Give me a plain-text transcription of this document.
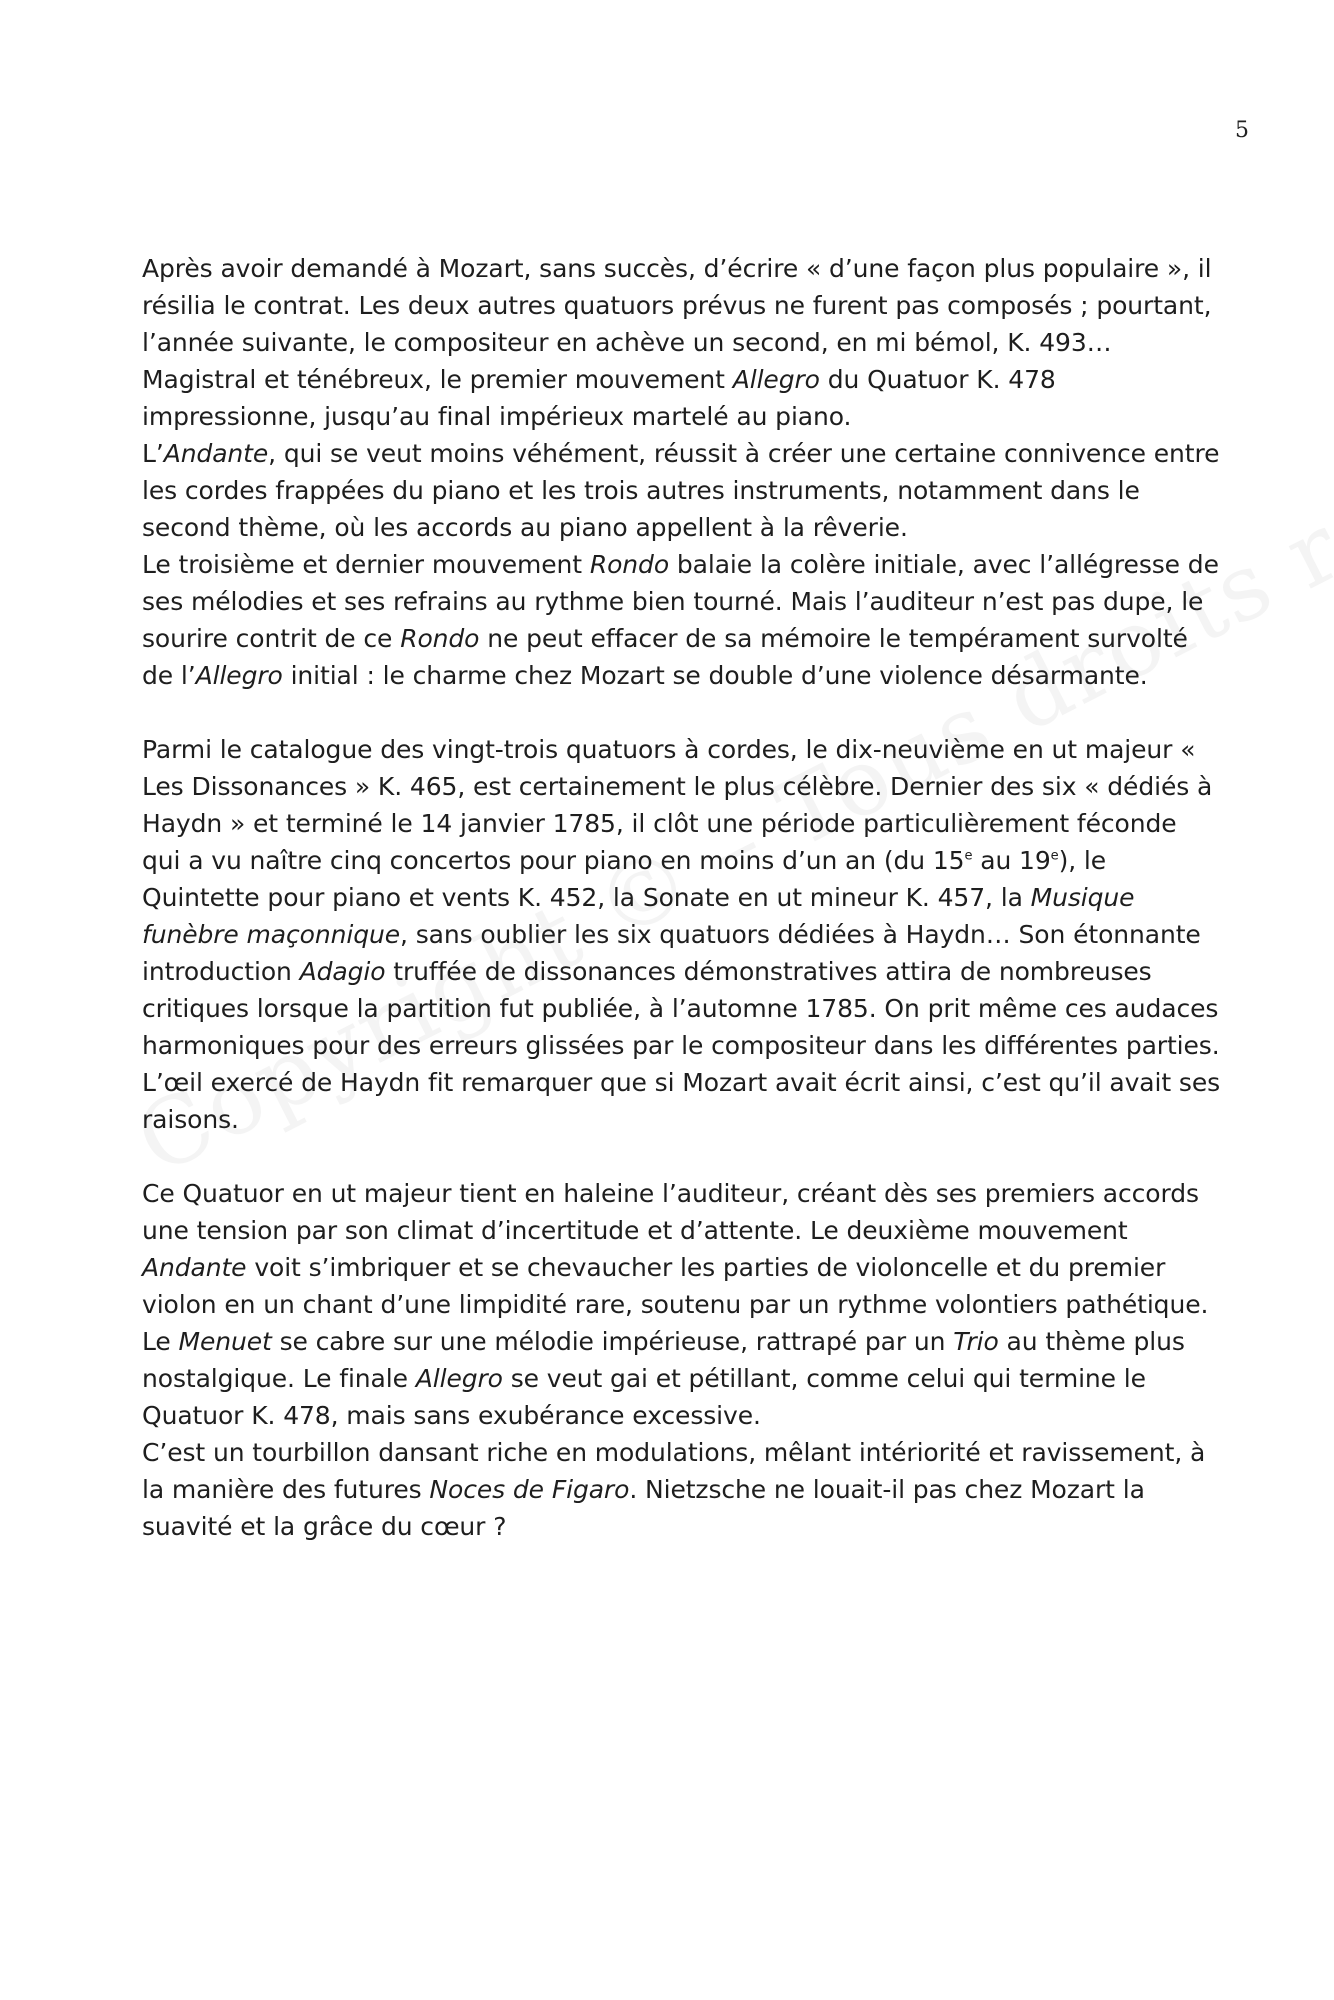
5

Après avoir demandé à Mozart, sans succès, d’écrire « d’une façon plus populaire », il résilia le contrat. Les deux autres quatuors prévus ne furent pas composés ; pourtant, l’année suivante, le compositeur en achève un second, en mi bémol, K. 493… Magistral et ténébreux, le premier mouvement Allegro du Quatuor K. 478 impressionne, jusqu’au final impérieux martelé au piano.
L’Andante, qui se veut moins véhément, réussit à créer une certaine connivence entre les cordes frappées du piano et les trois autres instruments, notamment dans le second thème, où les accords au piano appellent à la rêverie.
Le troisième et dernier mouvement Rondo balaie la colère initiale, avec l’allégresse de ses mélodies et ses refrains au rythme bien tourné. Mais l’auditeur n’est pas dupe, le sourire contrit de ce Rondo ne peut effacer de sa mémoire le tempérament survolté de l’Allegro initial : le charme chez Mozart se double d’une violence désarmante.

Parmi le catalogue des vingt-trois quatuors à cordes, le dix-neuvième en ut majeur « Les Dissonances » K. 465, est certainement le plus célèbre. Dernier des six « dédiés à Haydn » et terminé le 14 janvier 1785, il clôt une période particulièrement féconde qui a vu naître cinq concertos pour piano en moins d’un an (du 15e au 19e), le Quintette pour piano et vents K. 452, la Sonate en ut mineur K. 457, la Musique funèbre maçonnique, sans oublier les six quatuors dédiées à Haydn… Son étonnante introduction Adagio truffée de dissonances démonstratives attira de nombreuses critiques lorsque la partition fut publiée, à l’automne 1785. On prit même ces audaces harmoniques pour des erreurs glissées par le compositeur dans les différentes parties. L’œil exercé de Haydn fit remarquer que si Mozart avait écrit ainsi, c’est qu’il avait ses raisons.

Ce Quatuor en ut majeur tient en haleine l’auditeur, créant dès ses premiers accords une tension par son climat d’incertitude et d’attente. Le deuxième mouvement Andante voit s’imbriquer et se chevaucher les parties de violoncelle et du premier violon en un chant d’une limpidité rare, soutenu par un rythme volontiers pathétique. Le Menuet se cabre sur une mélodie impérieuse, rattrapé par un Trio au thème plus nostalgique. Le finale Allegro se veut gai et pétillant, comme celui qui termine le Quatuor K. 478, mais sans exubérance excessive.
C’est un tourbillon dansant riche en modulations, mêlant intériorité et ravissement, à la manière des futures Noces de Figaro. Nietzsche ne louait-il pas chez Mozart la suavité et la grâce du cœur ?
